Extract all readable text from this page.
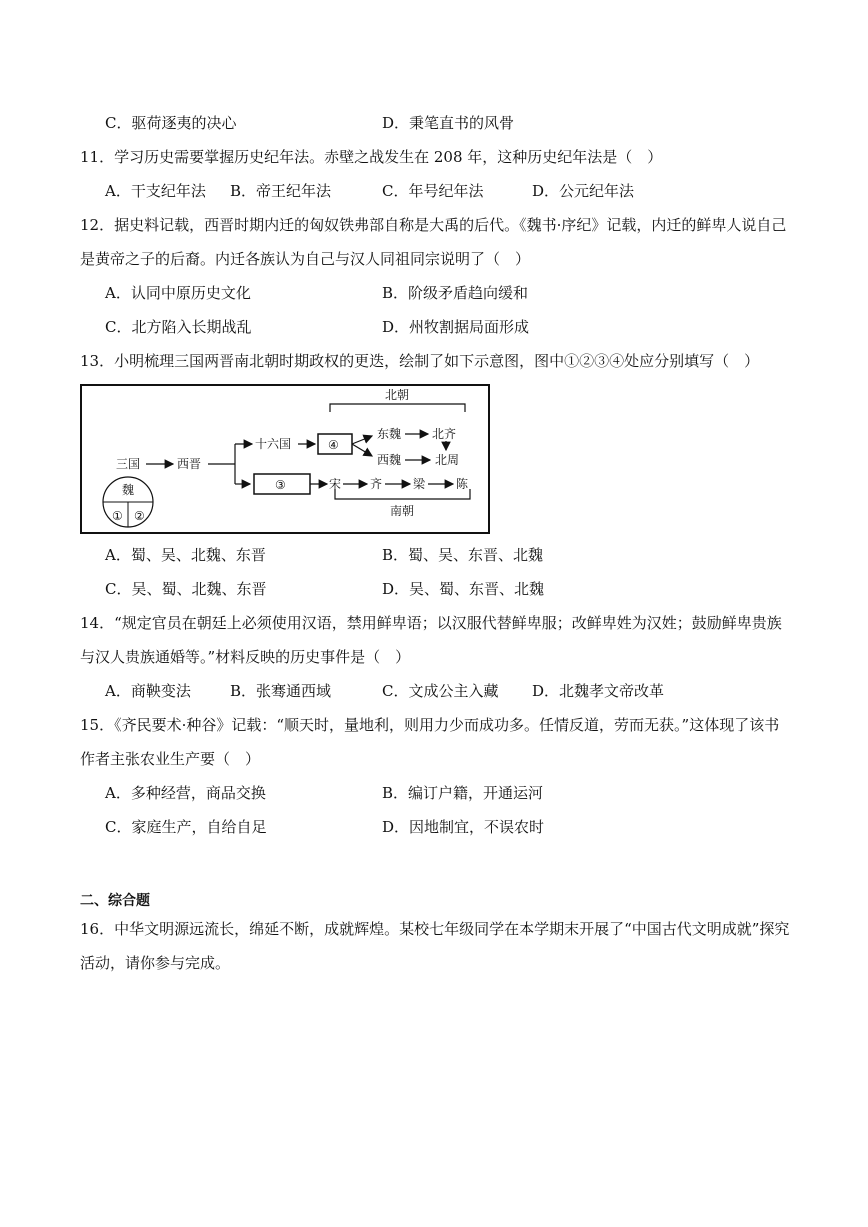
C．驱荷逐夷的决心	D．秉笔直书的风骨
11．学习历史需要掌握历史纪年法。赤壁之战发生在 208 年，这种历史纪年法是（　）
A．干支纪年法 B．帝王纪年法	C．年号纪年法	D．公元纪年法
12．据史料记载，西晋时期内迁的匈奴铁弗部自称是大禹的后代。《魏书·序纪》记载，内迁的鲜卑人说自己
是黄帝之子的后裔。内迁各族认为自己与汉人同祖同宗说明了（　）
A．认同中原历史文化	B．阶级矛盾趋向缓和
C．北方陷入长期战乱	D．州牧割据局面形成
13．小明梳理三国两晋南北朝时期政权的更迭，绘制了如下示意图，图中①②③④处应分别填写（　）
北朝
南朝
三国	西晋
魏
① ②
十六国	④
东魏
西魏
北齐
北周
③	宋 齐	梁	陈
A．蜀、吴、北魏、东晋	B．蜀、吴、东晋、北魏
C．吴、蜀、北魏、东晋	D．吴、蜀、东晋、北魏
14．“规定官员在朝廷上必须使用汉语，禁用鲜卑语；以汉服代替鲜卑服；改鲜卑姓为汉姓；鼓励鲜卑贵族
与汉人贵族通婚等。”材料反映的历史事件是（　）
A．商鞅变法	B．张骞通西域	C．文成公主入藏 D．北魏孝文帝改革
15．《齐民要术·种谷》记载：“顺天时，量地利，则用力少而成功多。任情反道，劳而无获。”这体现了该书
作者主张农业生产要（　）
A．多种经营，商品交换	B．编订户籍，开通运河
C．家庭生产，自给自足	D．因地制宜，不误农时
二、综合题
16．中华文明源远流长，绵延不断，成就辉煌。某校七年级同学在本学期末开展了“中国古代文明成就”探究
活动，请你参与完成。
